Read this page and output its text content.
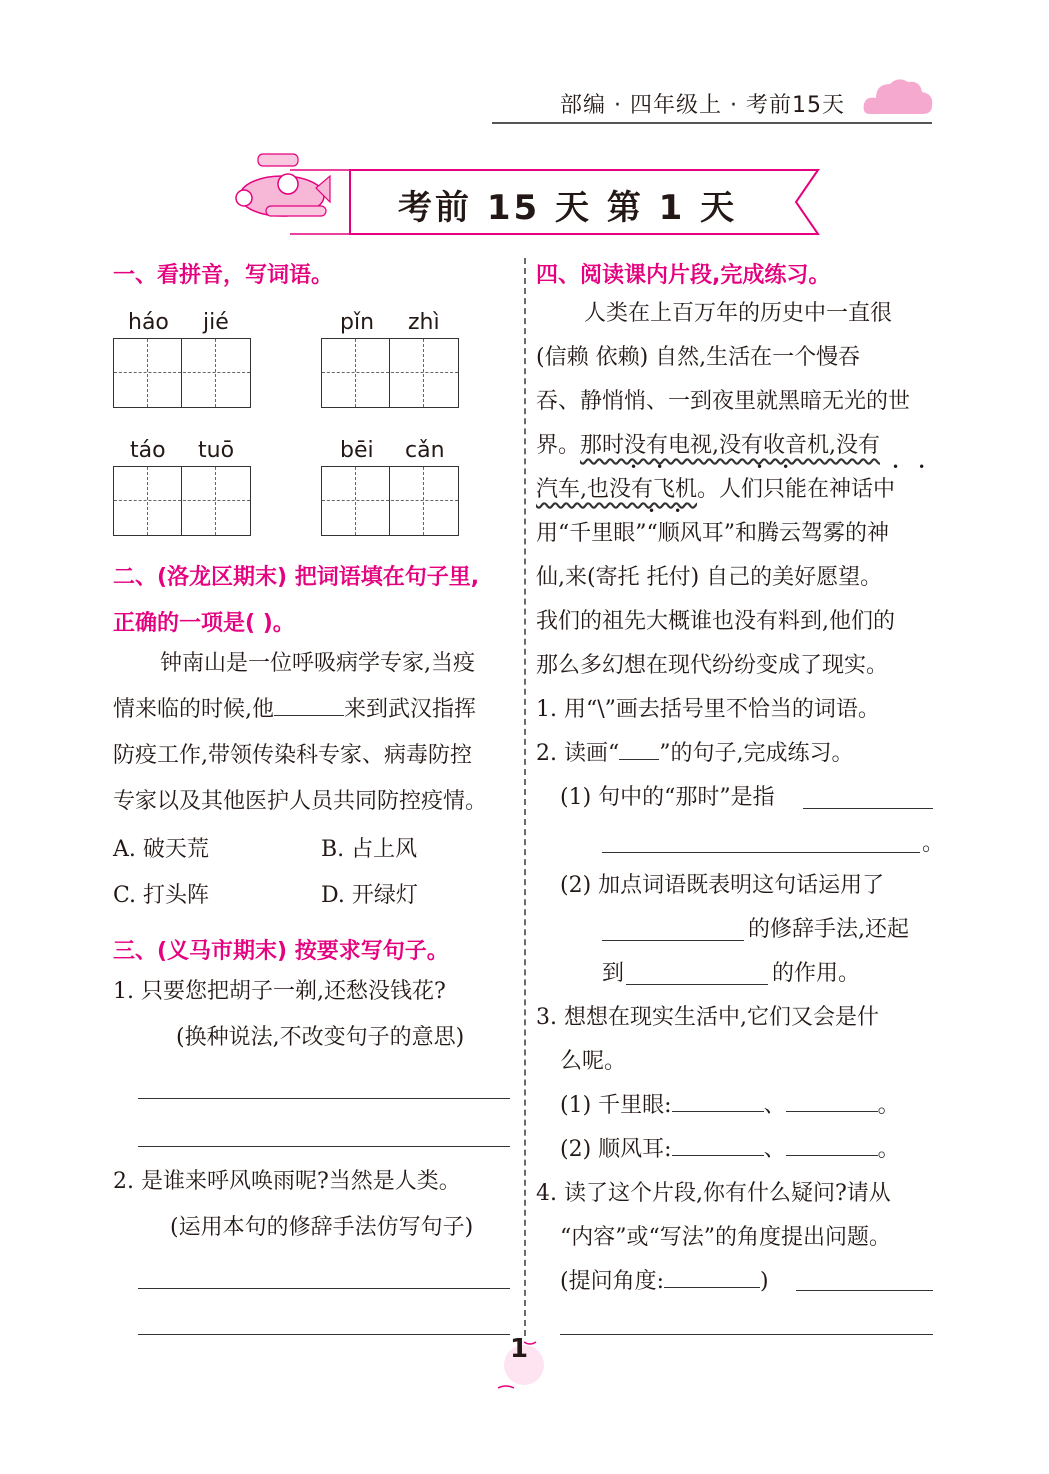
部编 · 四年级上 · 考前15天
考前 15 天 第 1 天
一、看拼音，写词语。
háo jié	pǐn zhì
táo tuō	bēi cǎn
二、(洛龙区期末) 把词语填在句子里,
正确的一项是( )。
钟南山是一位呼吸病学专家,当疫
情来临的时候,他	来到武汉指挥
防疫工作,带领传染科专家、病毒防控
专家以及其他医护人员共同防控疫情。
A. 破天荒	B. 占上风
C. 打头阵	D. 开绿灯
三、(义马市期末) 按要求写句子。
1. 只要您把胡子一剃,还愁没钱花?
(换种说法,不改变句子的意思)
2. 是谁来呼风唤雨呢?当然是人类。
(运用本句的修辞手法仿写句子)
四、阅读课内片段,完成练习。
人类在上百万年的历史中一直很
(信赖 依赖) 自然,生活在一个慢吞
吞、静悄悄、一到夜里就黑暗无光的世
界。那时没有电视,没有收音机,没有
汽车,也没有飞机。人们只能在神话中
•     •	•     •	•     •
•     •
用“千里眼”“顺风耳”和腾云驾雾的神
仙,来(寄托 托付) 自己的美好愿望。
我们的祖先大概谁也没有料到,他们的
那么多幻想在现代纷纷变成了现实。
1. 用“\”画去括号里不恰当的词语。
2. 读画“ ”的句子,完成练习。
(1) 句中的“那时”是指
。
(2) 加点词语既表明这句话运用了
的修辞手法,还起
到	的作用。
3. 想想在现实生活中,它们又会是什
么呢。
(1) 千里眼:	、	。
(2) 顺风耳:	、	。
4. 读了这个片段,你有什么疑问?请从
“内容”或“写法”的角度提出问题。
(提问角度:	)
1
